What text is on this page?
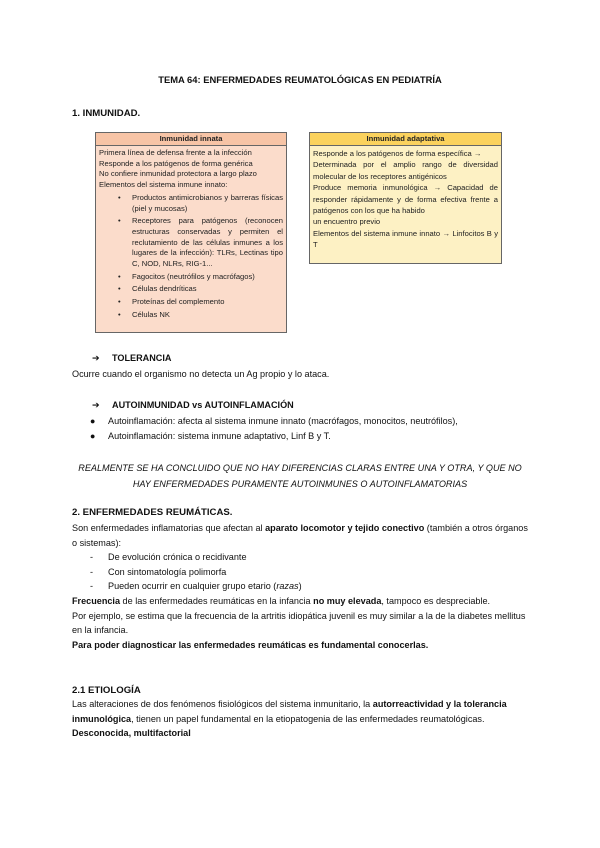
TEMA 64: ENFERMEDADES REUMATOLÓGICAS EN PEDIATRÍA
1. INMUNIDAD.
Inmunidad innata
Primera línea de defensa frente a la infección
Responde a los patógenos de forma genérica
No confiere inmunidad protectora a largo plazo
Elementos del sistema inmune innato:
• Productos antimicrobianos y barreras físicas (piel y mucosas)
• Receptores para patógenos (reconocen estructuras conservadas y permiten el reclutamiento de las células inmunes a los lugares de la infección): TLRs, Lectinas tipo C, NOD, NLRs, RIG-1...
• Fagocitos (neutrófilos y macrófagos)
• Células dendríticas
• Proteínas del complemento
• Células NK
Inmunidad adaptativa
Responde a los patógenos de forma específica →
Determinada por el amplio rango de diversidad molecular de los receptores antigénicos
Produce memoria inmunológica → Capacidad de responder rápidamente y de forma efectiva frente a patógenos con los que ha habido
un encuentro previo
Elementos del sistema inmune innato → Linfocitos B y T
➔ TOLERANCIA
Ocurre cuando el organismo no detecta un Ag propio y lo ataca.
➔ AUTOINMUNIDAD vs AUTOINFLAMACIÓN
● Autoinflamación: afecta al sistema inmune innato (macrófagos, monocitos, neutrófilos),
● Autoinflamación: sistema inmune adaptativo, Linf B y T.
REALMENTE SE HA CONCLUIDO QUE NO HAY DIFERENCIAS CLARAS ENTRE UNA Y OTRA, Y QUE NO
HAY ENFERMEDADES PURAMENTE AUTOINMUNES O AUTOINFLAMATORIAS
2. ENFERMEDADES REUMÁTICAS.
Son enfermedades inflamatorias que afectan al aparato locomotor y tejido conectivo (también a otros órganos o sistemas):
- De evolución crónica o recidivante
- Con sintomatología polimorfa
- Pueden ocurrir en cualquier grupo etario (razas)
Frecuencia de las enfermedades reumáticas en la infancia no muy elevada, tampoco es despreciable.
Por ejemplo, se estima que la frecuencia de la artritis idiopática juvenil es muy similar a la de la diabetes mellitus en la infancia.
Para poder diagnosticar las enfermedades reumáticas es fundamental conocerlas.
2.1 ETIOLOGÍA
Las alteraciones de dos fenómenos fisiológicos del sistema inmunitario, la autorreactividad y la tolerancia inmunológica, tienen un papel fundamental en la etiopatogenia de las enfermedades reumatológicas.
Desconocida, multifactorial
